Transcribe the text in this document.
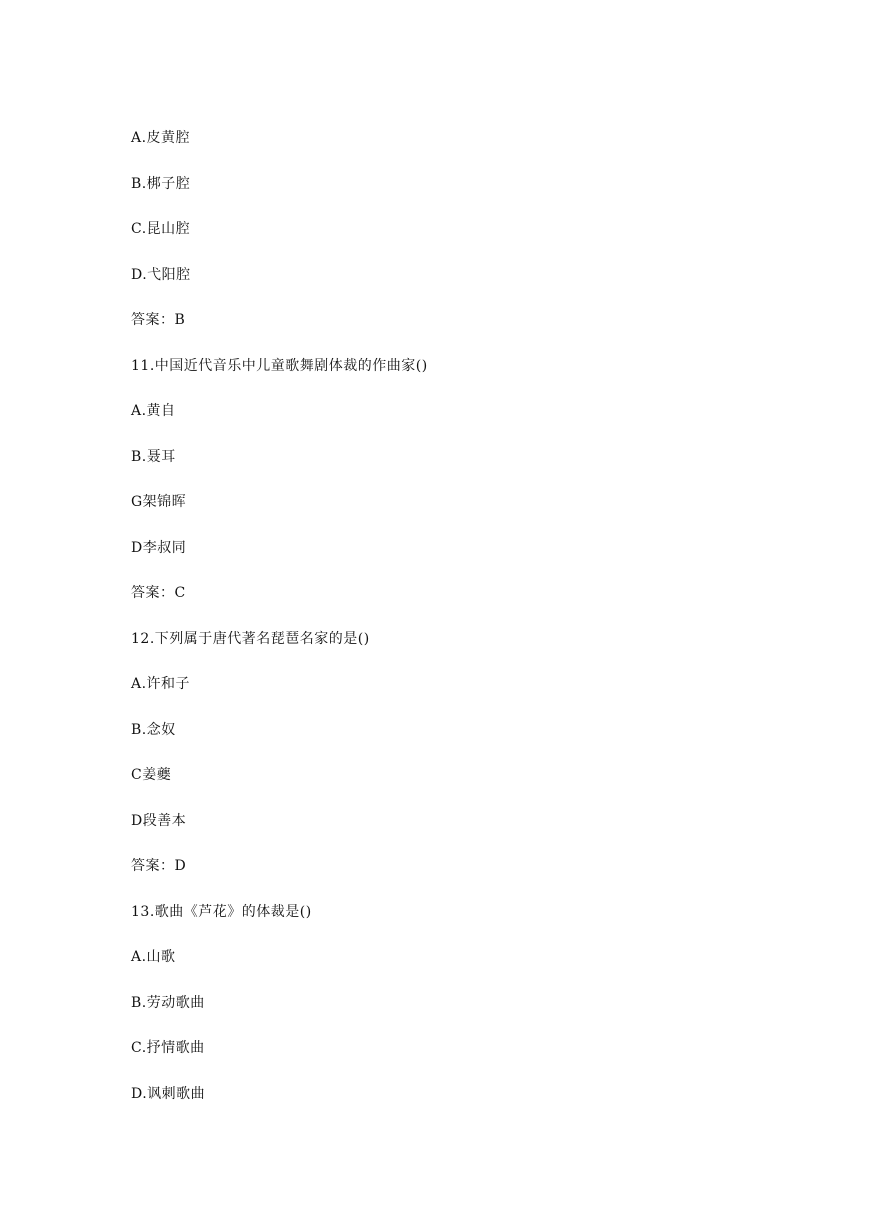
A.皮黄腔
B.梆子腔
C.昆山腔
D.弋阳腔
答案：B
11.中国近代音乐中儿童歌舞剧体裁的作曲家()
A.黄自
B.聂耳
G架锦晖
D李叔同
答案：C
12.下列属于唐代著名琵琶名家的是()
A.许和子
B.念奴
C姜夔
D段善本
答案：D
13.歌曲《芦花》的体裁是()
A.山歌
B.劳动歌曲
C.抒情歌曲
D.讽刺歌曲
